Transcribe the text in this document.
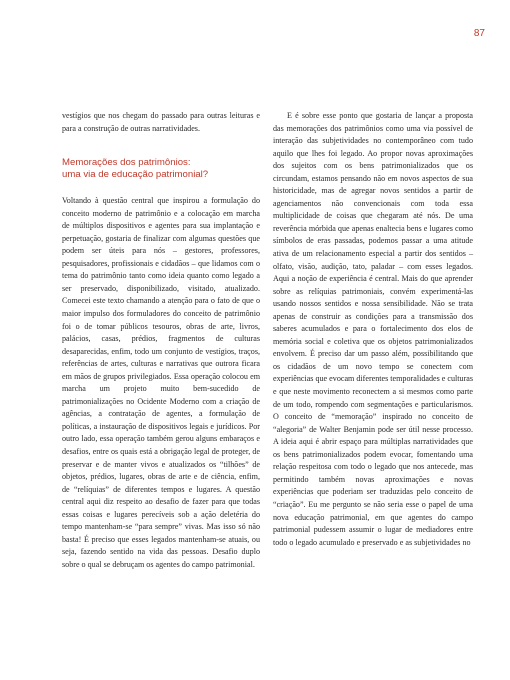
87

vestígios que nos chegam do passado para outras leituras e para a construção de outras narratividades.

Memorações dos patrimônios:
uma via de educação patrimonial?

Voltando à questão central que inspirou a formulação do conceito moderno de patrimônio e a colocação em marcha de múltiplos dispositivos e agentes para sua implantação e perpetuação, gostaria de finalizar com algumas questões que podem ser úteis para nós – gestores, professores, pesquisadores, profissionais e cidadãos – que lidamos com o tema do patrimônio tanto como ideia quanto como legado a ser preservado, disponibilizado, visitado, atualizado. Comecei este texto chamando a atenção para o fato de que o maior impulso dos formuladores do conceito de patrimônio foi o de tomar públicos tesouros, obras de arte, livros, palácios, casas, prédios, fragmentos de culturas desaparecidas, enfim, todo um conjunto de vestígios, traços, referências de artes, culturas e narrativas que outrora ficara em mãos de grupos privilegiados. Essa operação colocou em marcha um projeto muito bem-sucedido de patrimonializações no Ocidente Moderno com a criação de agências, a contratação de agentes, a formulação de políticas, a instauração de dispositivos legais e jurídicos. Por outro lado, essa operação também gerou alguns embaraços e desafios, entre os quais está a obrigação legal de proteger, de preservar e de manter vivos e atualizados os “tilhões” de objetos, prédios, lugares, obras de arte e de ciência, enfim, de “relíquias” de diferentes tempos e lugares. A questão central aqui diz respeito ao desafio de fazer para que todas essas coisas e lugares perecíveis sob a ação deletéria do tempo mantenham-se “para sempre” vivas. Mas isso só não basta! É preciso que esses legados mantenham-se atuais, ou seja, fazendo sentido na vida das pessoas. Desafio duplo sobre o qual se debruçam os agentes do campo patrimonial.

E é sobre esse ponto que gostaria de lançar a proposta das memorações dos patrimônios como uma via possível de interação das subjetividades no contemporâneo com tudo aquilo que lhes foi legado. Ao propor novas aproximações dos sujeitos com os bens patrimonializados que os circundam, estamos pensando não em novos aspectos de sua historicidade, mas de agregar novos sentidos a partir de agenciamentos não convencionais com toda essa multiplicidade de coisas que chegaram até nós. De uma reverência mórbida que apenas enaltecia bens e lugares como símbolos de eras passadas, podemos passar a uma atitude ativa de um relacionamento especial a partir dos sentidos – olfato, visão, audição, tato, paladar – com esses legados. Aqui a noção de experiência é central. Mais do que aprender sobre as relíquias patrimoniais, convém experimentá-las usando nossos sentidos e nossa sensibilidade. Não se trata apenas de construir as condições para a transmissão dos saberes acumulados e para o fortalecimento dos elos de memória social e coletiva que os objetos patrimonializados envolvem. É preciso dar um passo além, possibilitando que os cidadãos de um novo tempo se conectem com experiências que evocam diferentes temporalidades e culturas e que neste movimento reconectem a si mesmos como parte de um todo, rompendo com segmentações e particularismos. O conceito de “memoração” inspirado no conceito de “alegoria” de Walter Benjamin pode ser útil nesse processo. A ideia aqui é abrir espaço para múltiplas narratividades que os bens patrimonializados podem evocar, fomentando uma relação respeitosa com todo o legado que nos antecede, mas permitindo também novas aproximações e novas experiências que poderiam ser traduzidas pelo conceito de “criação”. Eu me pergunto se não seria esse o papel de uma nova educação patrimonial, em que agentes do campo patrimonial pudessem assumir o lugar de mediadores entre todo o legado acumulado e preservado e as subjetividades no
